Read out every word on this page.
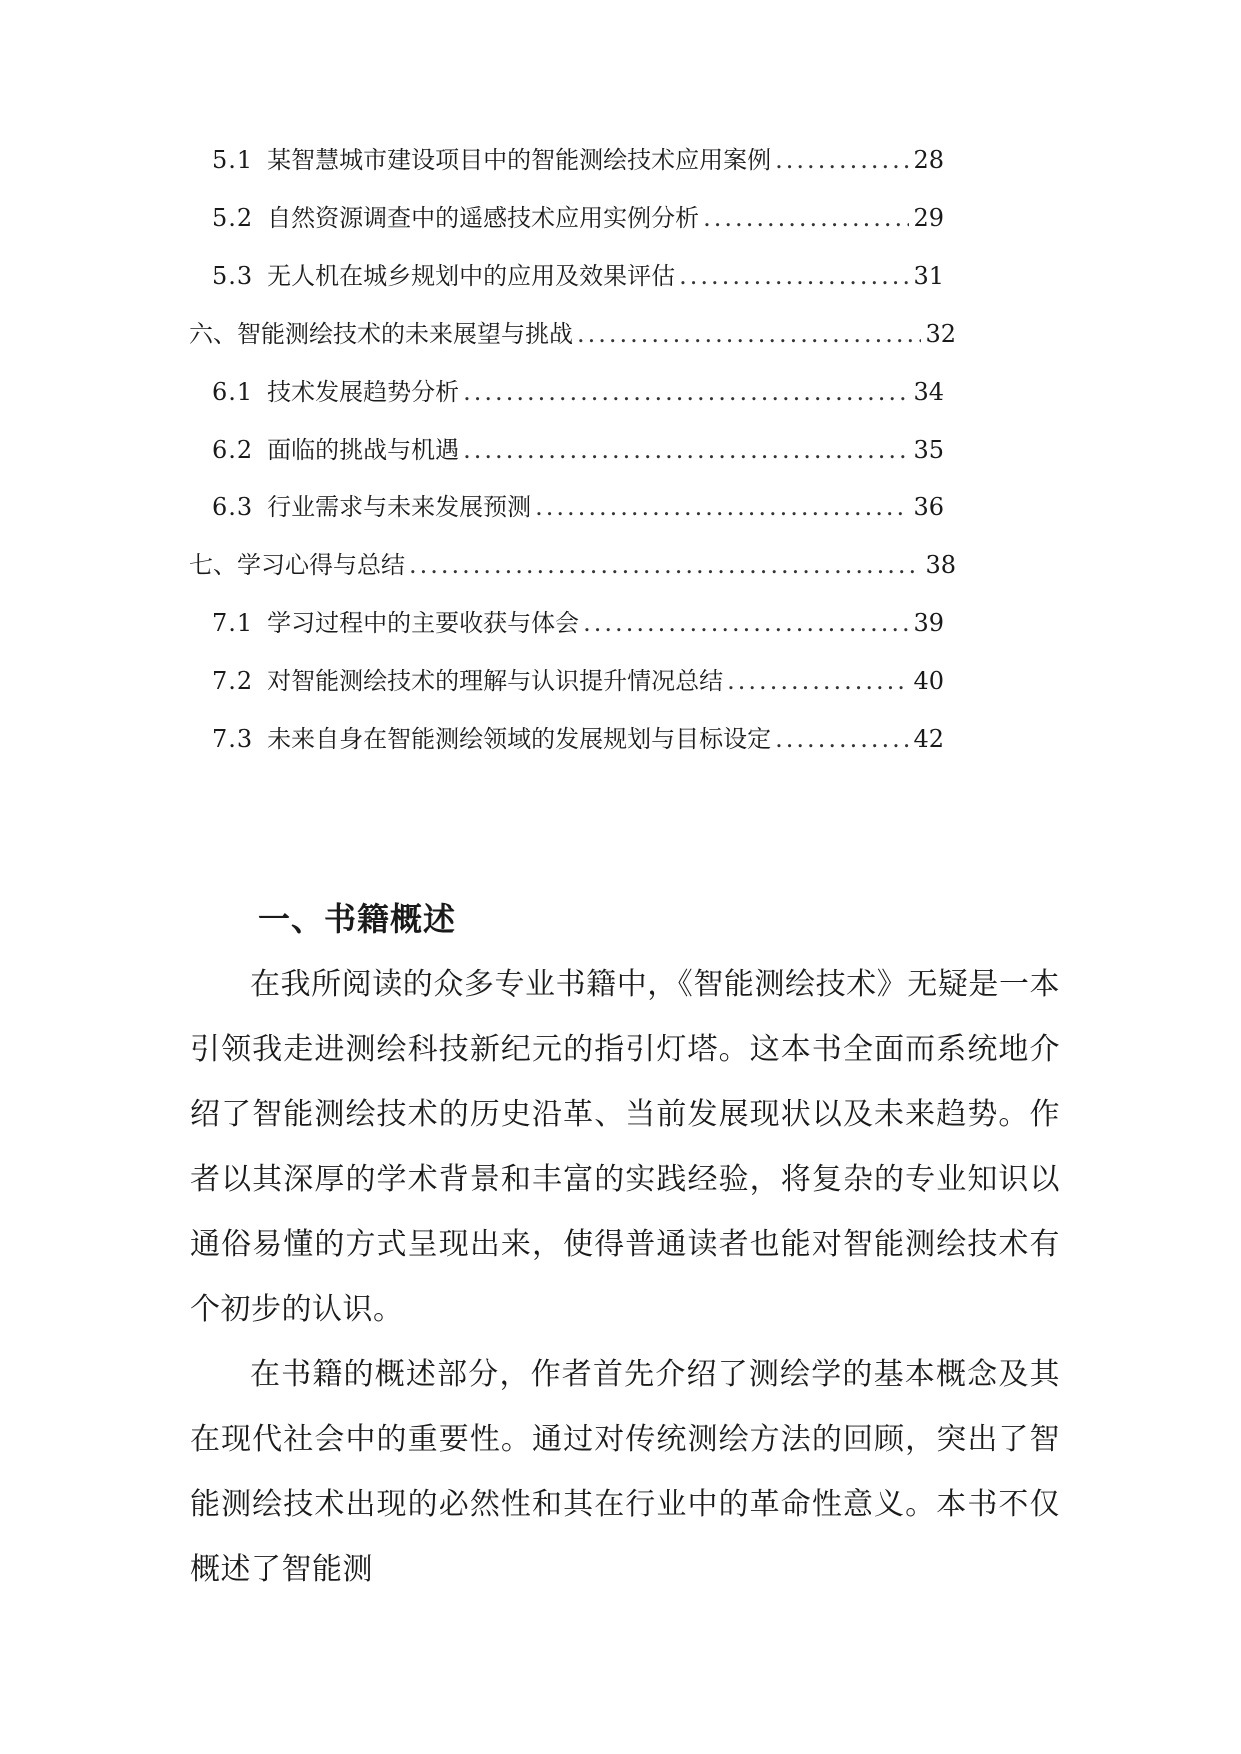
5.1 某智慧城市建设项目中的智能测绘技术应用案例 .....	28
5.2 自然资源调查中的遥感技术应用实例分析 .....	29
5.3 无人机在城乡规划中的应用及效果评估 .....	31
六、智能测绘技术的未来展望与挑战 .....	32
6.1 技术发展趋势分析 .....	34
6.2 面临的挑战与机遇 .....	35
6.3 行业需求与未来发展预测 .....	36
七、学习心得与总结 .....	38
7.1 学习过程中的主要收获与体会 .....	39
7.2 对智能测绘技术的理解与认识提升情况总结 .....	40
7.3 未来自身在智能测绘领域的发展规划与目标设定 .....	42
一、书籍概述

在我所阅读的众多专业书籍中，《智能测绘技术》无疑是一本引领我走进测绘科技新纪元的指引灯塔。这本书全面而系统地介绍了智能测绘技术的历史沿革、当前发展现状以及未来趋势。作者以其深厚的学术背景和丰富的实践经验，将复杂的专业知识以通俗易懂的方式呈现出来，使得普通读者也能对智能测绘技术有个初步的认识。

在书籍的概述部分，作者首先介绍了测绘学的基本概念及其在现代社会中的重要性。通过对传统测绘方法的回顾，突出了智能测绘技术出现的必然性和其在行业中的革命性意义。本书不仅概述了智能测
